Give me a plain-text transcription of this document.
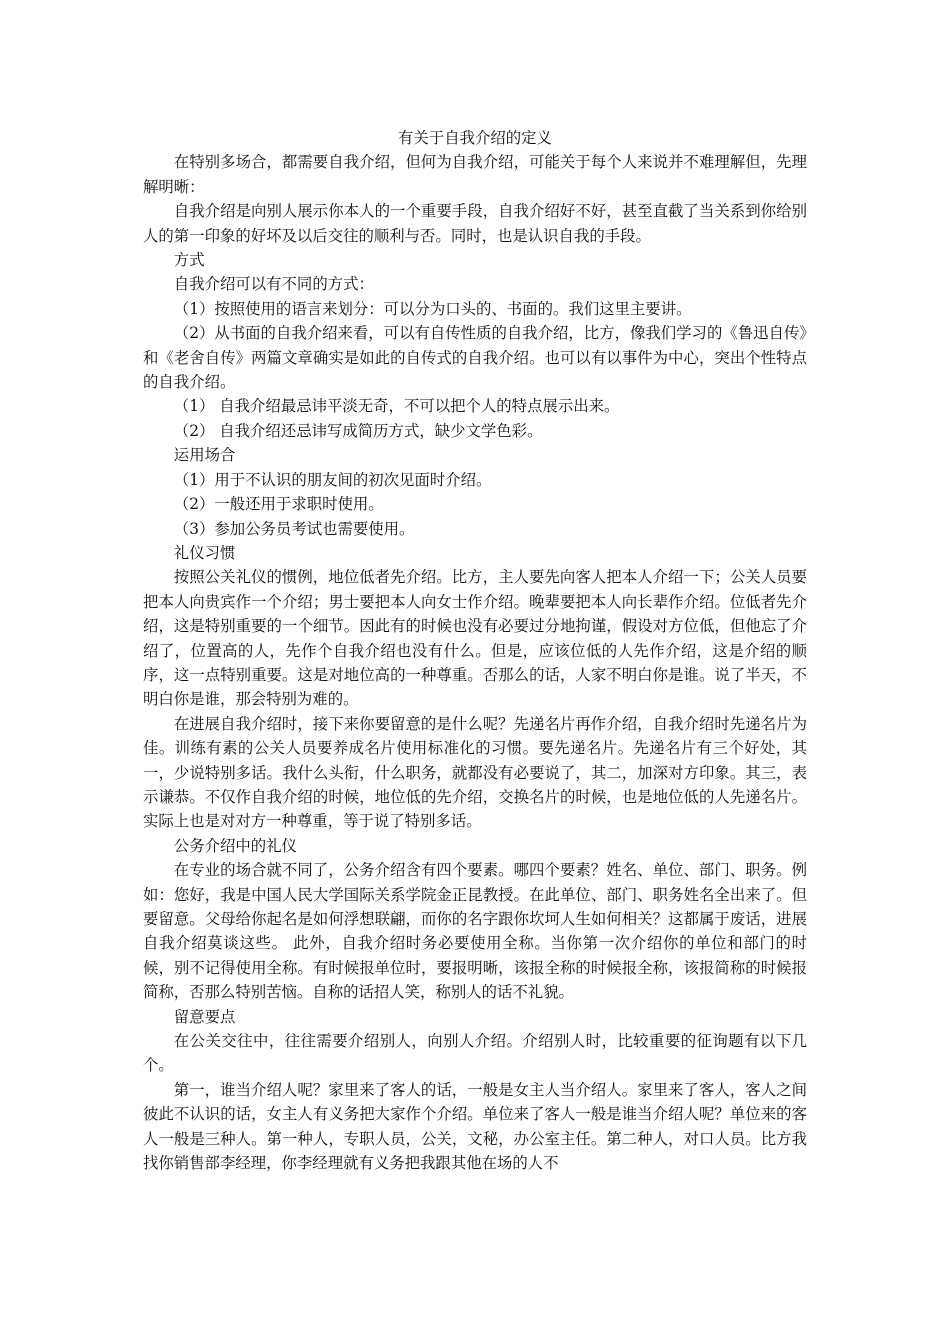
有关于自我介绍的定义

在特别多场合，都需要自我介绍，但何为自我介绍，可能关于每个人来说并不难理解但，先理解明晰：

自我介绍是向别人展示你本人的一个重要手段，自我介绍好不好，甚至直截了当关系到你给别人的第一印象的好坏及以后交往的顺利与否。同时，也是认识自我的手段。

方式

自我介绍可以有不同的方式：

（1）按照使用的语言来划分：可以分为口头的、书面的。我们这里主要讲。

（2）从书面的自我介绍来看，可以有自传性质的自我介绍，比方，像我们学习的《鲁迅自传》和《老舍自传》两篇文章确实是如此的自传式的自我介绍。也可以有以事件为中心，突出个性特点的自我介绍。

（1） 自我介绍最忌讳平淡无奇，不可以把个人的特点展示出来。

（2） 自我介绍还忌讳写成简历方式，缺少文学色彩。

运用场合

（1）用于不认识的朋友间的初次见面时介绍。

（2）一般还用于求职时使用。

（3）参加公务员考试也需要使用。

礼仪习惯

按照公关礼仪的惯例，地位低者先介绍。比方，主人要先向客人把本人介绍一下；公关人员要把本人向贵宾作一个介绍；男士要把本人向女士作介绍。晚辈要把本人向长辈作介绍。位低者先介绍，这是特别重要的一个细节。因此有的时候也没有必要过分地拘谨，假设对方位低，但他忘了介绍了，位置高的人，先作个自我介绍也没有什么。但是，应该位低的人先作介绍，这是介绍的顺序，这一点特别重要。这是对地位高的一种尊重。否那么的话，人家不明白你是谁。说了半天，不明白你是谁，那会特别为难的。

在进展自我介绍时，接下来你要留意的是什么呢？先递名片再作介绍，自我介绍时先递名片为佳。训练有素的公关人员要养成名片使用标准化的习惯。要先递名片。先递名片有三个好处，其一，少说特别多话。我什么头衔，什么职务，就都没有必要说了，其二，加深对方印象。其三，表示谦恭。不仅作自我介绍的时候，地位低的先介绍，交换名片的时候，也是地位低的人先递名片。实际上也是对对方一种尊重，等于说了特别多话。

公务介绍中的礼仪

在专业的场合就不同了，公务介绍含有四个要素。哪四个要素？姓名、单位、部门、职务。例如：您好，我是中国人民大学国际关系学院金正昆教授。在此单位、部门、职务姓名全出来了。但要留意。父母给你起名是如何浮想联翩，而你的名字跟你坎坷人生如何相关？这都属于废话，进展自我介绍莫谈这些。 此外，自我介绍时务必要使用全称。当你第一次介绍你的单位和部门的时候，别不记得使用全称。有时候报单位时，要报明晰，该报全称的时候报全称，该报简称的时候报简称，否那么特别苦恼。自称的话招人笑，称别人的话不礼貌。

留意要点

在公关交往中，往往需要介绍别人，向别人介绍。介绍别人时，比较重要的征询题有以下几个。

第一，谁当介绍人呢？家里来了客人的话，一般是女主人当介绍人。家里来了客人，客人之间彼此不认识的话，女主人有义务把大家作个介绍。单位来了客人一般是谁当介绍人呢？单位来的客人一般是三种人。第一种人，专职人员，公关，文秘，办公室主任。第二种人，对口人员。比方我找你销售部李经理，你李经理就有义务把我跟其他在场的人不
